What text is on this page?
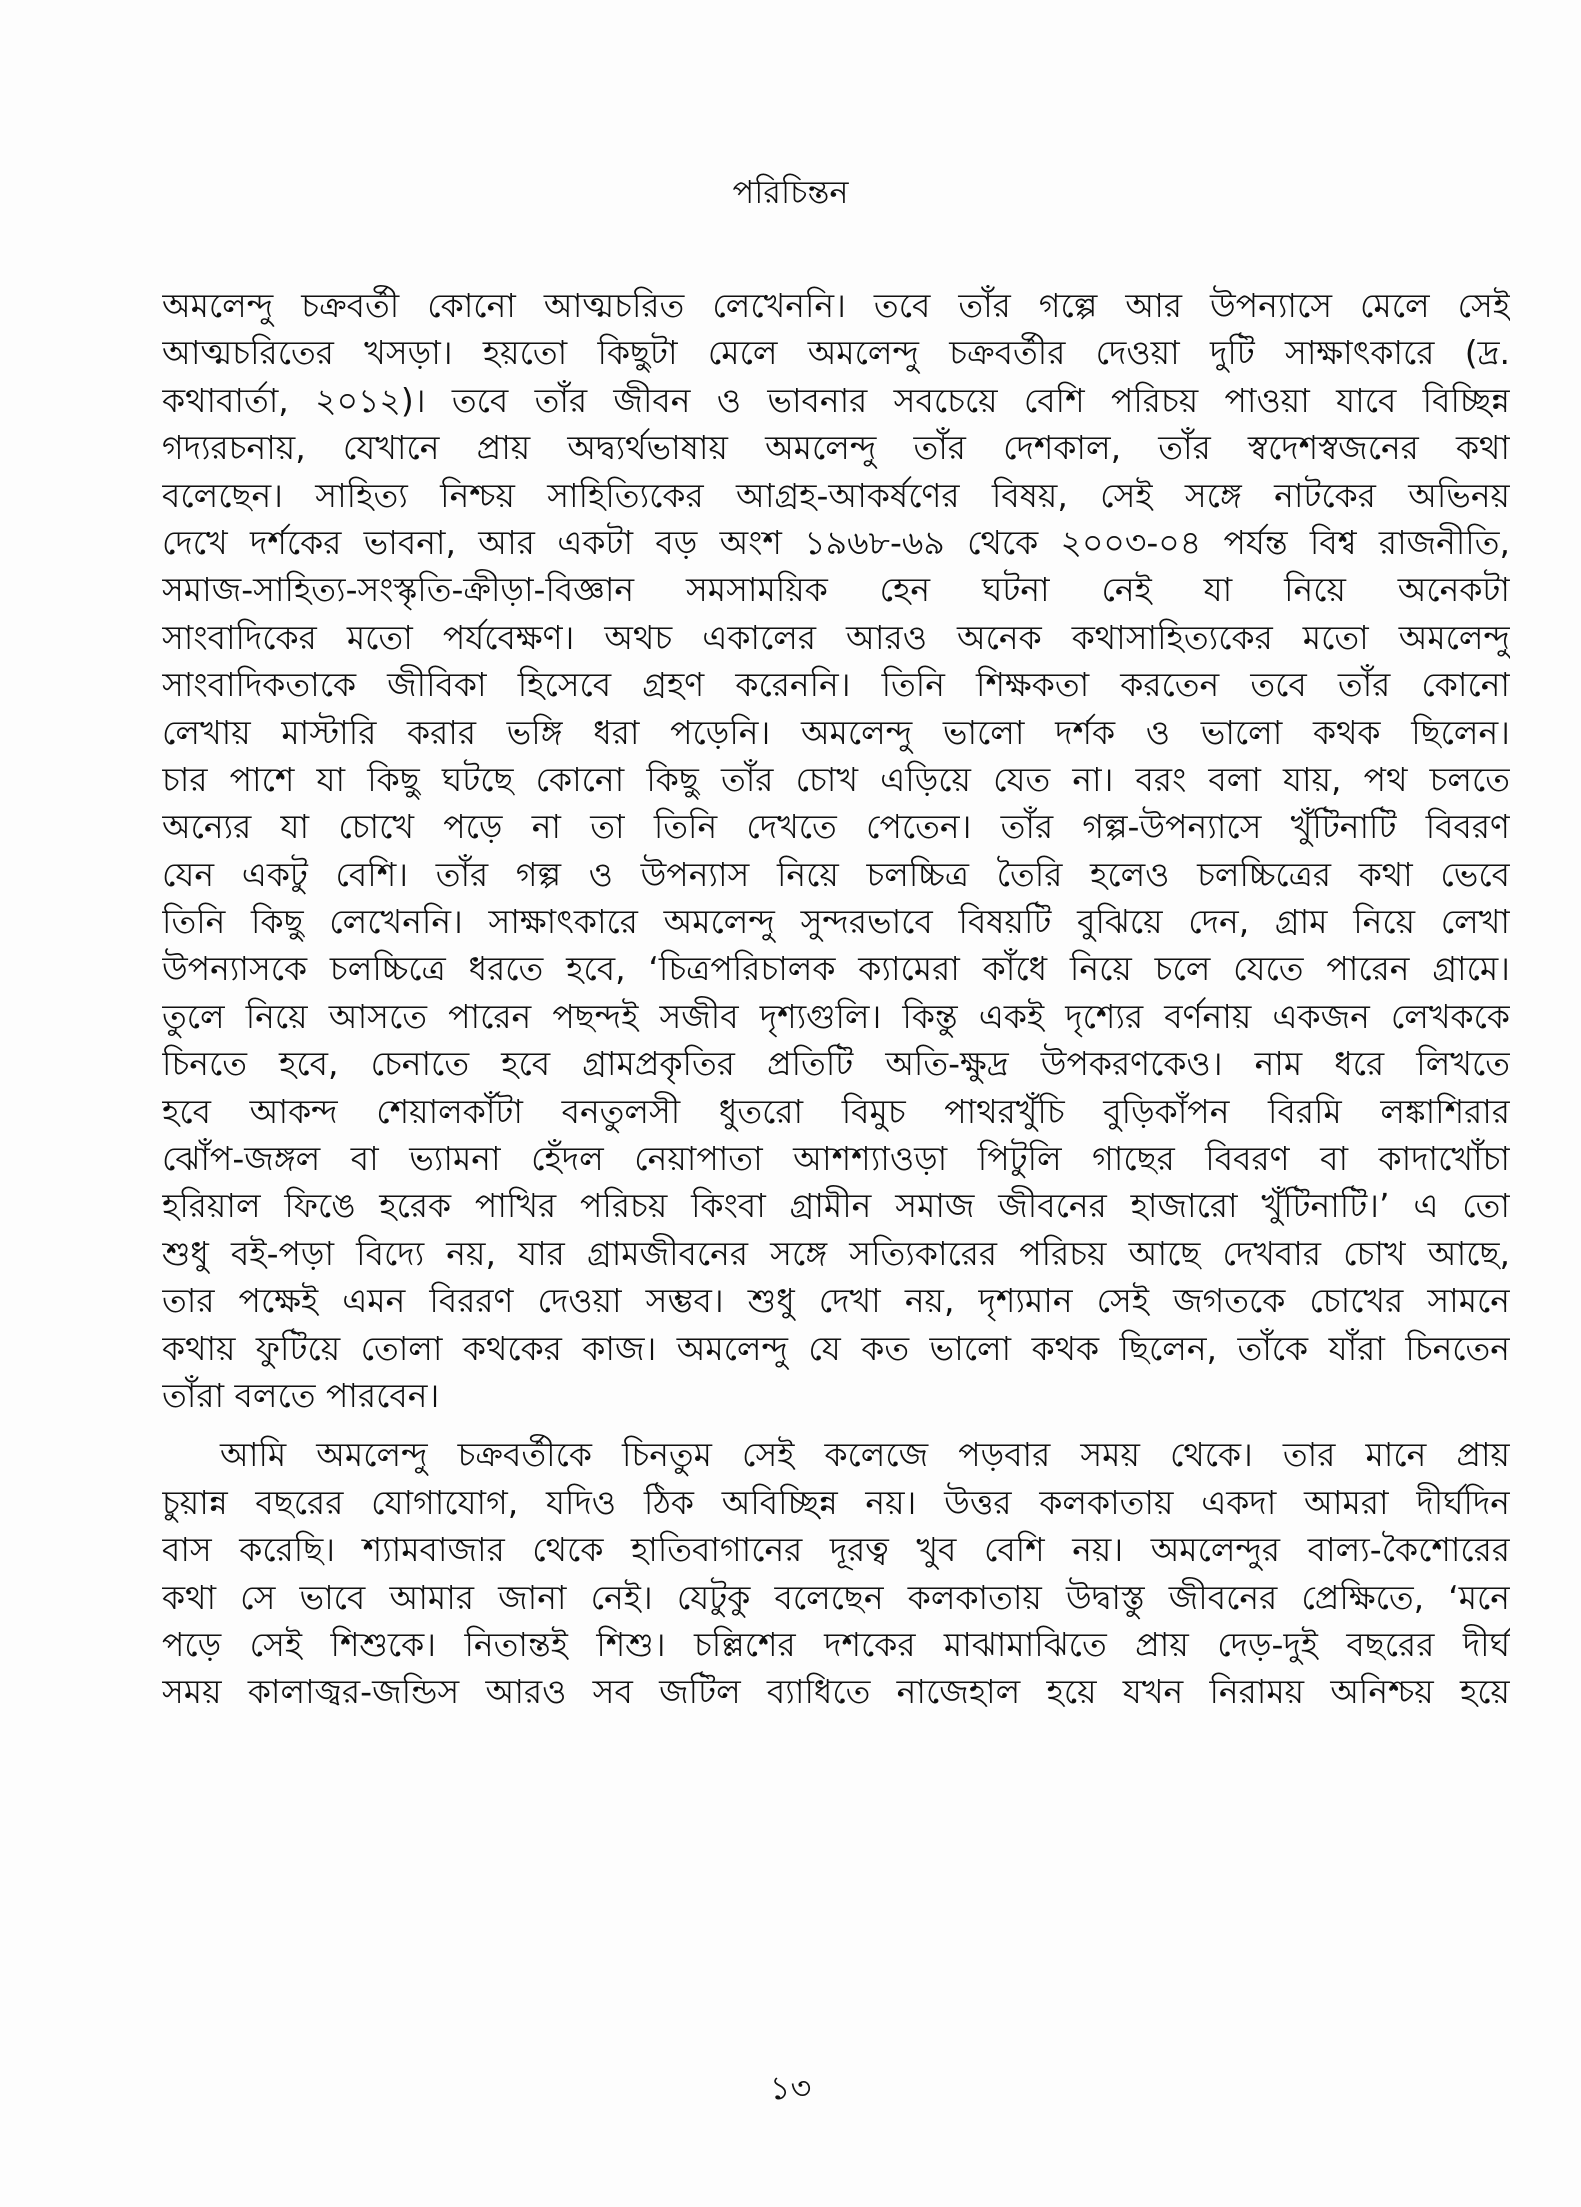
পরিচিন্তন
অমলেন্দু চক্রবর্তী কোনো আত্মচরিত লেখেননি। তবে তাঁর গল্পে আর উপন্যাসে মেলে সেই
আত্মচরিতের খসড়া। হয়তো কিছুটা মেলে অমলেন্দু চক্রবর্তীর দেওয়া দুটি সাক্ষাৎকারে (দ্র.
কথাবার্তা, ২০১২)। তবে তাঁর জীবন ও ভাবনার সবচেয়ে বেশি পরিচয় পাওয়া যাবে বিচ্ছিন্ন
গদ্যরচনায়, যেখানে প্রায় অদ্ব্যর্থভাষায় অমলেন্দু তাঁর দেশকাল, তাঁর স্বদেশস্বজনের কথা
বলেছেন। সাহিত্য নিশ্চয় সাহিত্যিকের আগ্রহ-আকর্ষণের বিষয়, সেই সঙ্গে নাটকের অভিনয়
দেখে দর্শকের ভাবনা, আর একটা বড় অংশ ১৯৬৮-৬৯ থেকে ২০০৩-০৪ পর্যন্ত বিশ্ব রাজনীতি,
সমাজ-সাহিত্য-সংস্কৃতি-ক্রীড়া-বিজ্ঞান সমসাময়িক হেন ঘটনা নেই যা নিয়ে অনেকটা
সাংবাদিকের মতো পর্যবেক্ষণ। অথচ একালের আরও অনেক কথাসাহিত্যকের মতো অমলেন্দু
সাংবাদিকতাকে জীবিকা হিসেবে গ্রহণ করেননি। তিনি শিক্ষকতা করতেন তবে তাঁর কোনো
লেখায় মাস্টারি করার ভঙ্গি ধরা পড়েনি। অমলেন্দু ভালো দর্শক ও ভালো কথক ছিলেন।
চার পাশে যা কিছু ঘটছে কোনো কিছু তাঁর চোখ এড়িয়ে যেত না। বরং বলা যায়, পথ চলতে
অন্যের যা চোখে পড়ে না তা তিনি দেখতে পেতেন। তাঁর গল্প-উপন্যাসে খুঁটিনাটি বিবরণ
যেন একটু বেশি। তাঁর গল্প ও উপন্যাস নিয়ে চলচ্চিত্র তৈরি হলেও চলচ্চিত্রের কথা ভেবে
তিনি কিছু লেখেননি। সাক্ষাৎকারে অমলেন্দু সুন্দরভাবে বিষয়টি বুঝিয়ে দেন, গ্রাম নিয়ে লেখা
উপন্যাসকে চলচ্চিত্রে ধরতে হবে, ‘চিত্রপরিচালক ক্যামেরা কাঁধে নিয়ে চলে যেতে পারেন গ্রামে।
তুলে নিয়ে আসতে পারেন পছন্দই সজীব দৃশ্যগুলি। কিন্তু একই দৃশ্যের বর্ণনায় একজন লেখককে
চিনতে হবে, চেনাতে হবে গ্রামপ্রকৃতির প্রতিটি অতি-ক্ষুদ্র উপকরণকেও। নাম ধরে লিখতে
হবে আকন্দ শেয়ালকাঁটা বনতুলসী ধুতরো বিমুচ পাথরখুঁচি বুড়িকাঁপন বিরমি লঙ্কাশিরার
ঝোঁপ-জঙ্গল বা ভ্যামনা হেঁদল নেয়াপাতা আশশ্যাওড়া পিটুলি গাছের বিবরণ বা কাদাখোঁচা
হরিয়াল ফিঙে হরেক পাখির পরিচয় কিংবা গ্রামীন সমাজ জীবনের হাজারো খুঁটিনাটি।’ এ তো
শুধু বই-পড়া বিদ্যে নয়, যার গ্রামজীবনের সঙ্গে সত্যিকারের পরিচয় আছে দেখবার চোখ আছে,
তার পক্ষেই এমন বিররণ দেওয়া সম্ভব। শুধু দেখা নয়, দৃশ্যমান সেই জগতকে চোখের সামনে
কথায় ফুটিয়ে তোলা কথকের কাজ। অমলেন্দু যে কত ভালো কথক ছিলেন, তাঁকে যাঁরা চিনতেন
তাঁরা বলতে পারবেন।
আমি অমলেন্দু চক্রবর্তীকে চিনতুম সেই কলেজে পড়বার সময় থেকে। তার মানে প্রায়
চুয়ান্ন বছরের যোগাযোগ, যদিও ঠিক অবিচ্ছিন্ন নয়। উত্তর কলকাতায় একদা আমরা দীর্ঘদিন
বাস করেছি। শ্যামবাজার থেকে হাতিবাগানের দূরত্ব খুব বেশি নয়। অমলেন্দুর বাল্য-কৈশোরের
কথা সে ভাবে আমার জানা নেই। যেটুকু বলেছেন কলকাতায় উদ্বাস্তু জীবনের প্রেক্ষিতে, ‘মনে
পড়ে সেই শিশুকে। নিতান্তই শিশু। চল্লিশের দশকের মাঝামাঝিতে প্রায় দেড়-দুই বছরের দীর্ঘ
সময় কালাজ্বর-জন্ডিস আরও সব জটিল ব্যাধিতে নাজেহাল হয়ে যখন নিরাময় অনিশ্চয় হয়ে
১৩
